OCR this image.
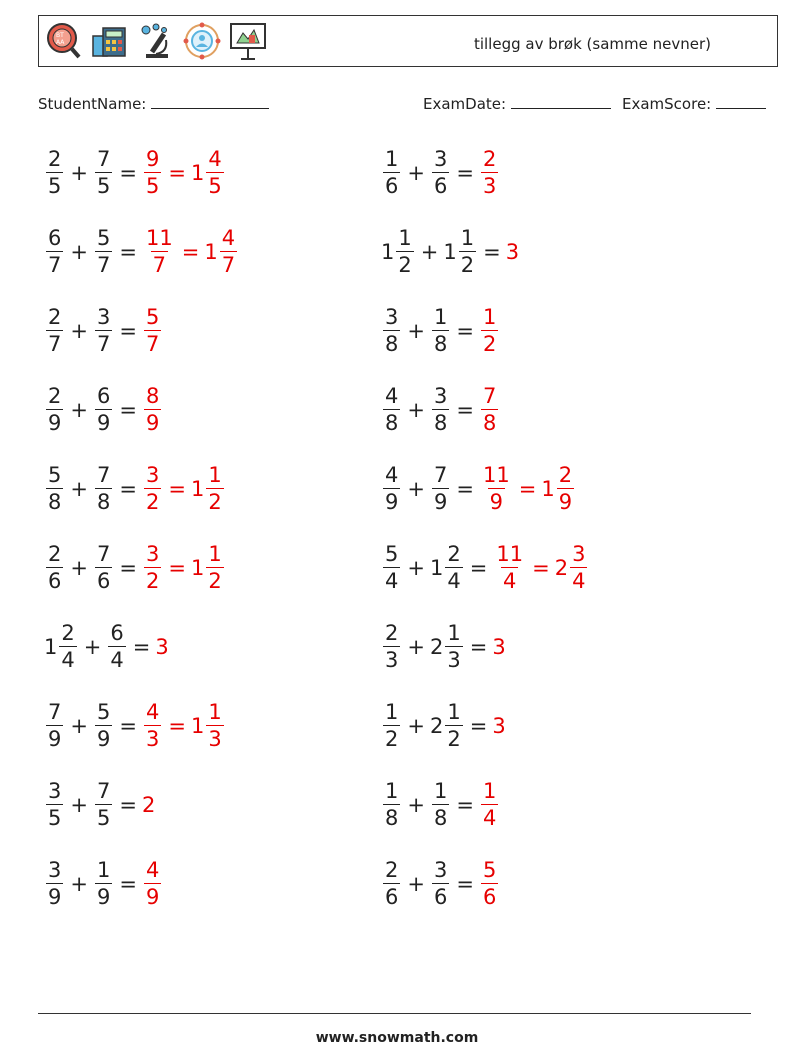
BT
AA	tillegg av brøk (samme nevner)
StudentName:	ExamDate:	ExamScore:
www.snowmath.com
$\frac{2}{5} + \frac{7}{5} = \frac{9}{5} = 1 \frac{4}{5}$
$\frac{6}{7} + \frac{5}{7} = \frac{11}{7} = 1 \frac{4}{7}$
$\frac{2}{7} + \frac{3}{7} = \frac{5}{7}$
$\frac{2}{9} + \frac{6}{9} = \frac{8}{9}$
$\frac{5}{8} + \frac{7}{8} = \frac{3}{2} = 1 \frac{1}{2}$
$\frac{2}{6} + \frac{7}{6} = \frac{3}{2} = 1 \frac{1}{2}$
$1 \frac{2}{4} + \frac{6}{4} = 3$
$\frac{7}{9} + \frac{5}{9} = \frac{4}{3} = 1 \frac{1}{3}$
$\frac{3}{5} + \frac{7}{5} = 2$
$\frac{3}{9} + \frac{1}{9} = \frac{4}{9}$
$\frac{1}{6} + \frac{3}{6} = \frac{2}{3}$
$1 \frac{1}{2} + 1 \frac{1}{2} = 3$
$\frac{3}{8} + \frac{1}{8} = \frac{1}{2}$
$\frac{4}{8} + \frac{3}{8} = \frac{7}{8}$
$\frac{4}{9} + \frac{7}{9} = \frac{11}{9} = 1 \frac{2}{9}$
$\frac{5}{4} + 1 \frac{2}{4} = \frac{11}{4} = 2 \frac{3}{4}$
$\frac{2}{3} + 2 \frac{1}{3} = 3$
$\frac{1}{2} + 2 \frac{1}{2} = 3$
$\frac{1}{8} + \frac{1}{8} = \frac{1}{4}$
$\frac{2}{6} + \frac{3}{6} = \frac{5}{6}$
